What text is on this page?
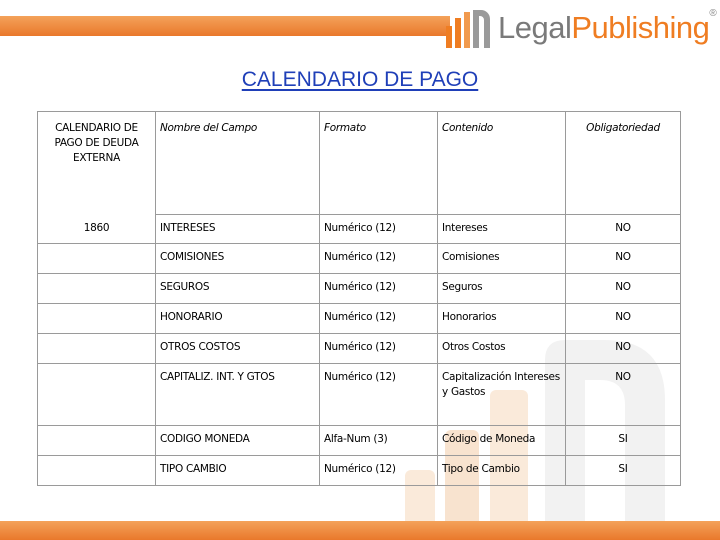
LegalPublishing®
CALENDARIO DE PAGO
CALENDARIO DE PAGO DE DEUDA EXTERNA	Nombre del Campo	Formato	Contenido	Obligatoriedad
1860	INTERESES	Numérico (12)	Intereses	NO
	COMISIONES	Numérico (12)	Comisiones	NO
	SEGUROS	Numérico (12)	Seguros	NO
	HONORARIO	Numérico (12)	Honorarios	NO
	OTROS COSTOS	Numérico (12)	Otros Costos	NO
	CAPITALIZ. INT. Y GTOS	Numérico (12)	Capitalización Intereses y Gastos	NO
	CODIGO MONEDA	Alfa-Num (3)	Código de Moneda	SI
	TIPO CAMBIO	Numérico (12)	Tipo de Cambio	SI
